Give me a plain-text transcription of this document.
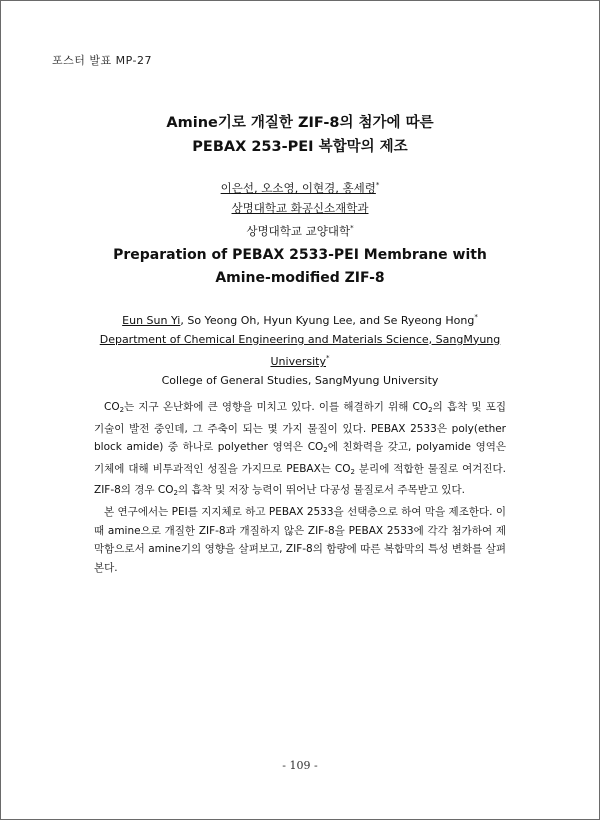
포스터 발표 MP-27
Amine기로 개질한 ZIF-8의 첨가에 따른
PEBAX 253-PEI 복합막의 제조
이은선, 오소영, 이현경, 홍세령*
상명대학교 화공신소재학과
상명대학교 교양대학*
Preparation of PEBAX 2533-PEI Membrane with
Amine-modified ZIF-8
Eun Sun Yi, So Yeong Oh, Hyun Kyung Lee, and Se Ryeong Hong*
Department of Chemical Engineering and Materials Science, SangMyung
University*
College of General Studies, SangMyung University

$CO_2$는 지구 온난화에 큰 영향을 미치고 있다. 이를 해결하기 위해 $CO_2$의 흡착 및 포집 기술이 발전 중인데, 그 주축이 되는 몇 가지 물질이 있다. PEBAX 2533은 poly(ether block amide) 중 하나로 polyether 영역은 $CO_2$에 친화력을 갖고, polyamide 영역은 기체에 대해 비투과적인 성질을 가지므로 PEBAX는 $CO_2$ 분리에 적합한 물질로 여겨진다. ZIF-8의 경우 $CO_2$의 흡착 및 저장 능력이 뛰어난 다공성 물질로서 주목받고 있다.

본 연구에서는 PEI를 지지체로 하고 PEBAX 2533을 선택층으로 하여 막을 제조한다. 이 때 amine으로 개질한 ZIF-8과 개질하지 않은 ZIF-8을 PEBAX 2533에 각각 첨가하여 제막함으로서 amine기의 영향을 살펴보고, ZIF-8의 함량에 따른 복합막의 특성 변화를 살펴본다.

- 109 -
